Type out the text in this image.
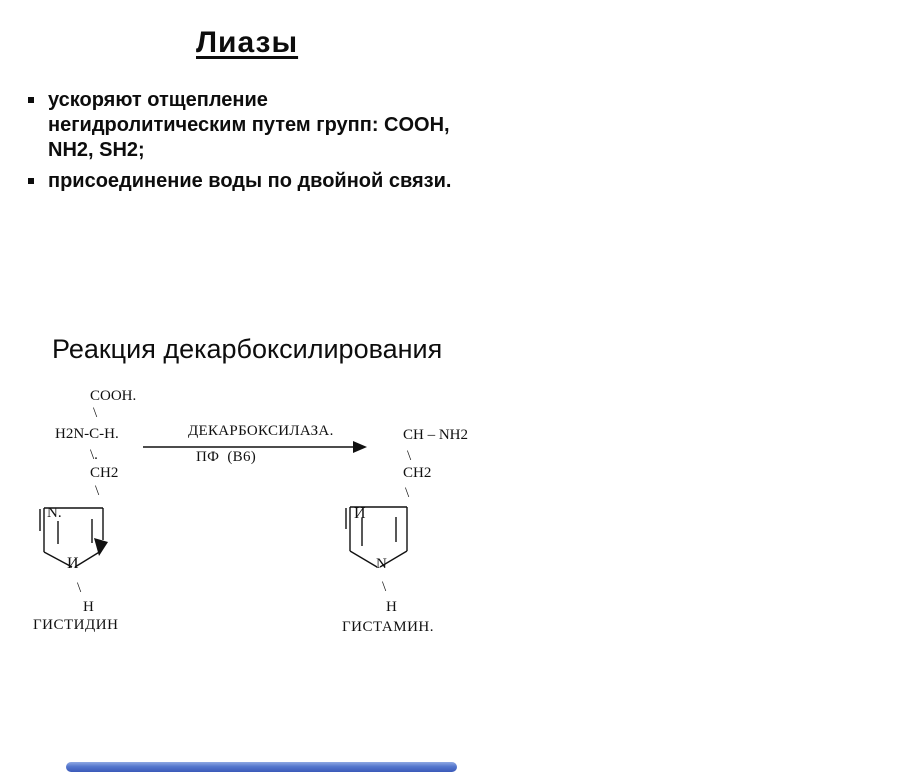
Лиазы
ускоряют отщепление
негидролитическим путем групп: COOH,
NH2, SH2;
присоединение воды по двойной связи.
Реакция декарбоксилирования
COOH.
\
H2N-C-H.
\.
CH2
\
N.
И
\
H
ГИСТИДИН
ДЕКАРБОКСИЛАЗА.
ПФ  (В6)
CH – NH2
\
CH2
\
И
N
\
H
ГИСТАМИН.
